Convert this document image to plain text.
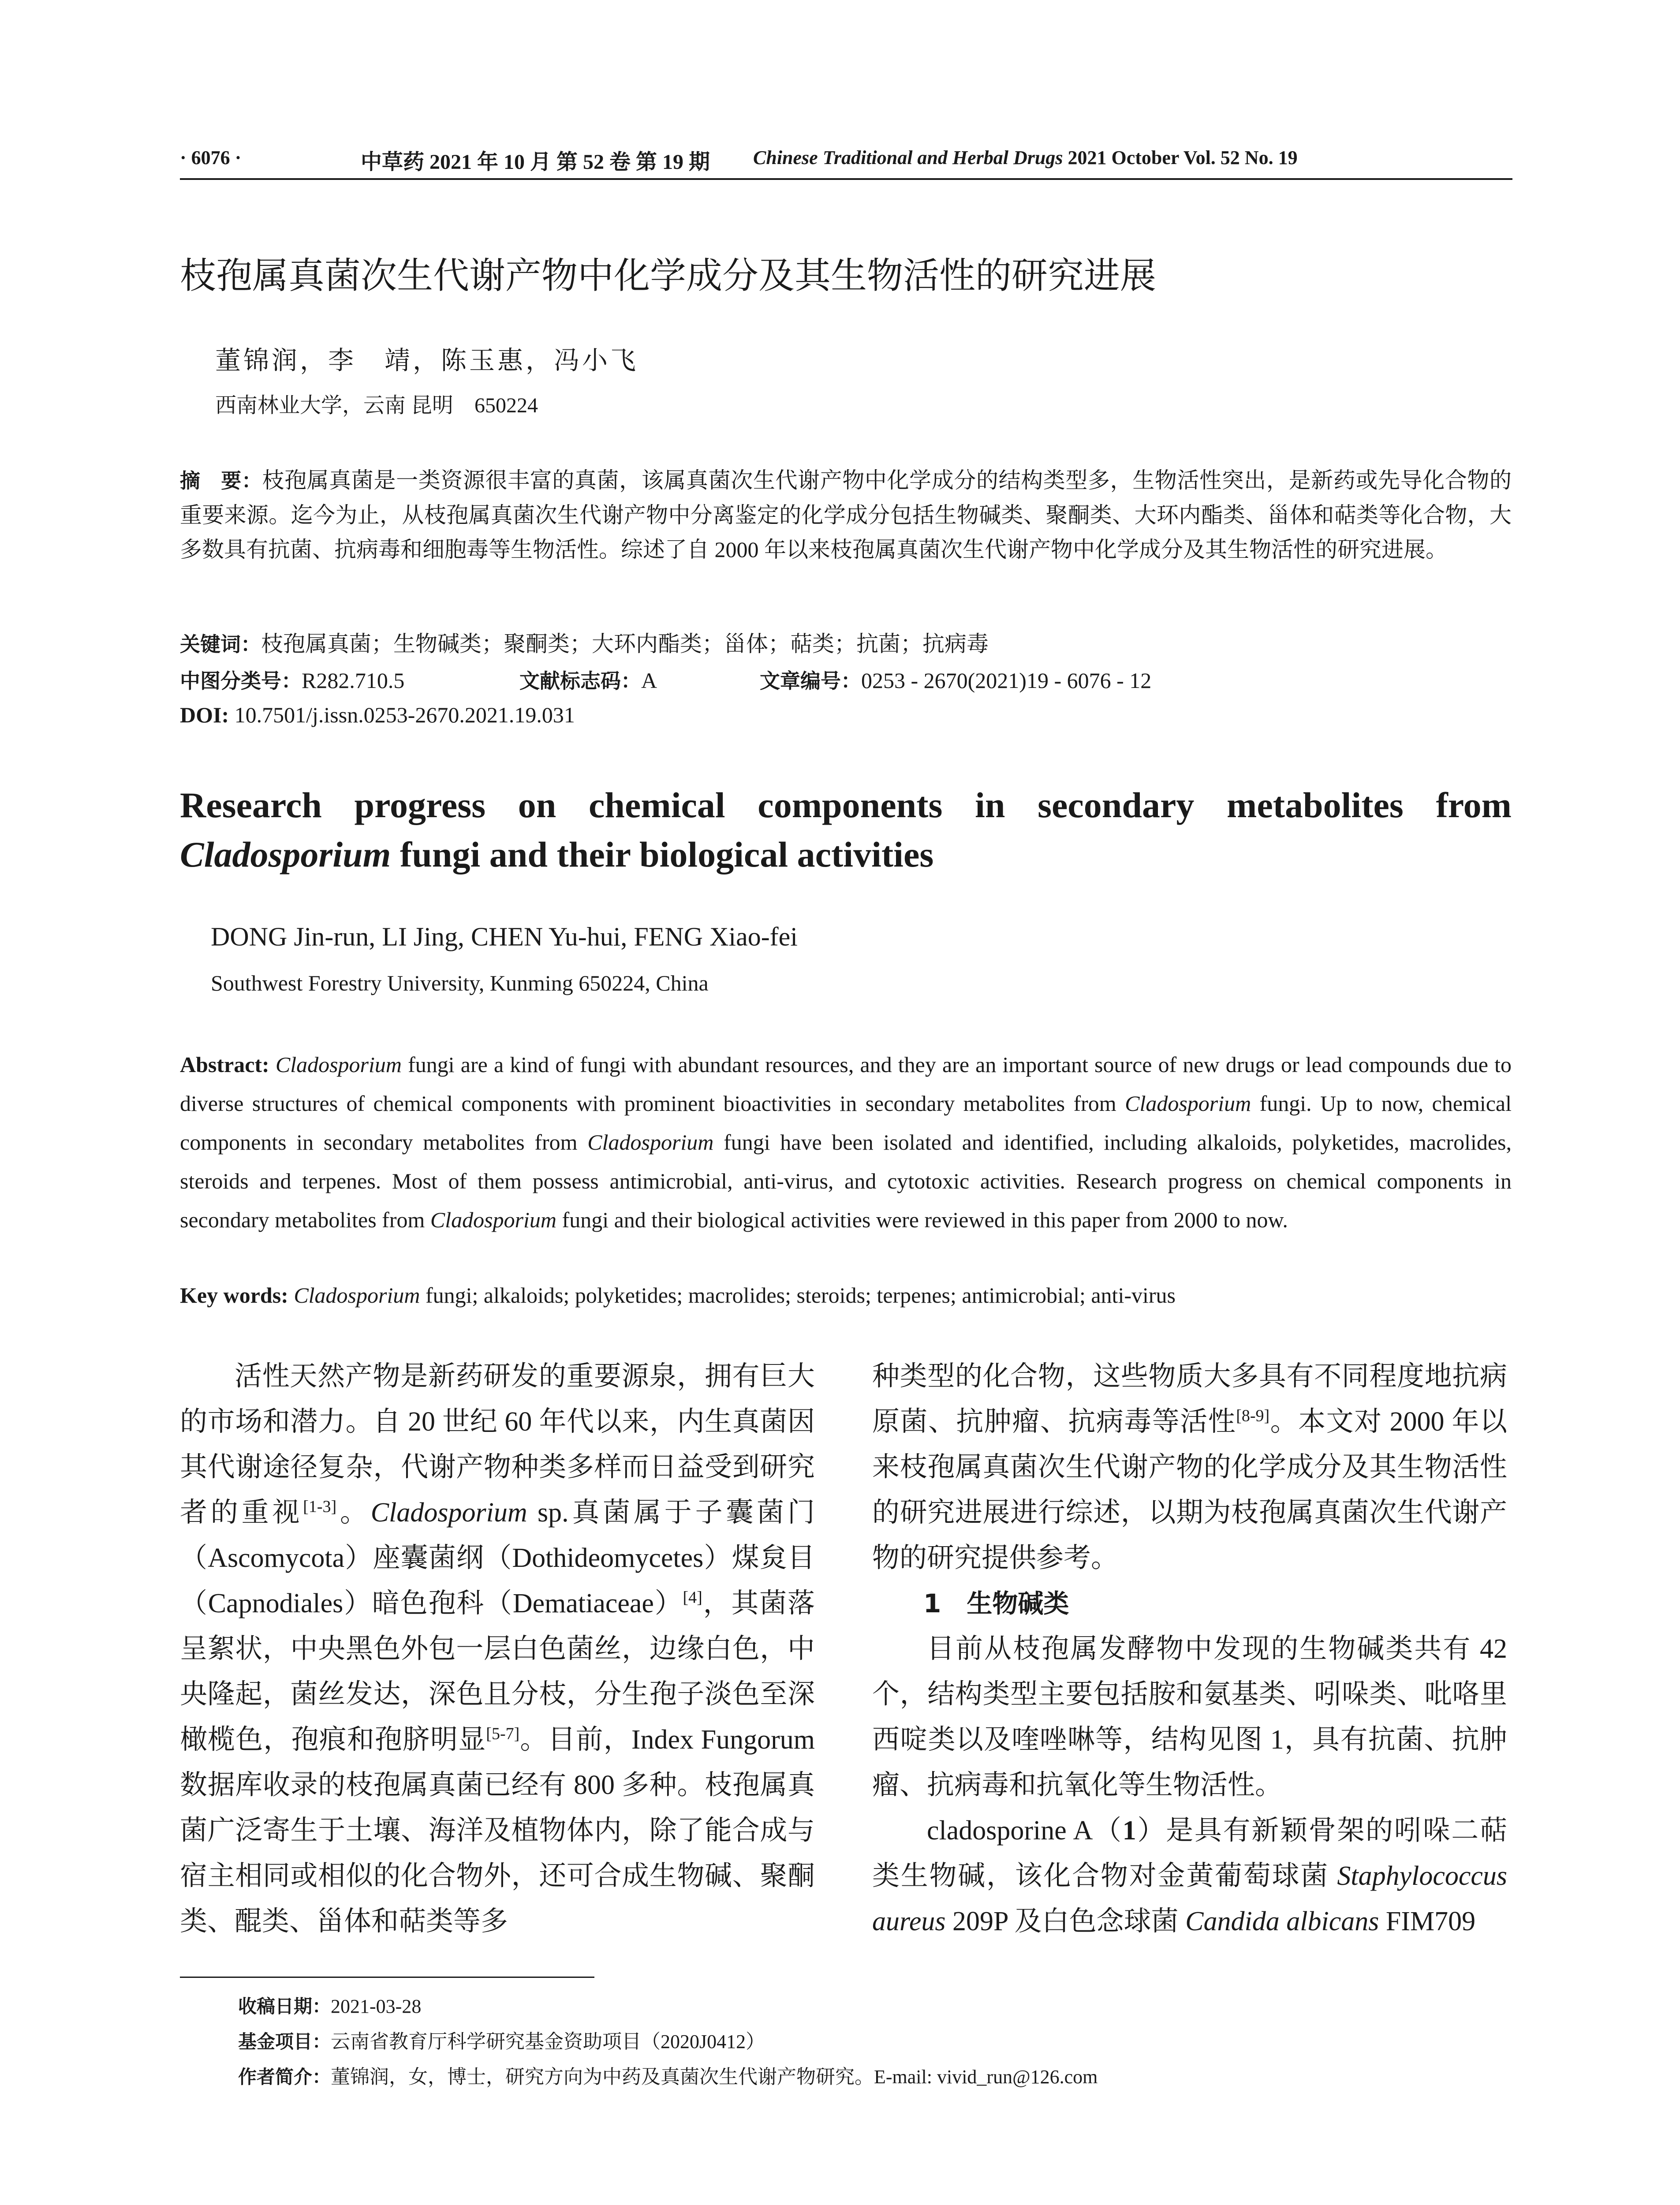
· 6076 ·	中草药 2021 年 10 月 第 52 卷 第 19 期 Chinese Traditional and Herbal Drugs 2021 October Vol. 52 No. 19
枝孢属真菌次生代谢产物中化学成分及其生物活性的研究进展
董锦润，李　靖，陈玉惠，冯小飞
西南林业大学，云南 昆明　650224
摘　要：枝孢属真菌是一类资源很丰富的真菌，该属真菌次生代谢产物中化学成分的结构类型多，生物活性突出，是新药或先导化合物的重要来源。迄今为止，从枝孢属真菌次生代谢产物中分离鉴定的化学成分包括生物碱类、聚酮类、大环内酯类、甾体和萜类等化合物，大多数具有抗菌、抗病毒和细胞毒等生物活性。综述了自 2000 年以来枝孢属真菌次生代谢产物中化学成分及其生物活性的研究进展。
关键词：枝孢属真菌；生物碱类；聚酮类；大环内酯类；甾体；萜类；抗菌；抗病毒
中图分类号：R282.710.5	文献标志码：A	文章编号：0253 - 2670(2021)19 - 6076 - 12
DOI: 10.7501/j.issn.0253-2670.2021.19.031
Research progress on chemical components in secondary metabolites from Cladosporium fungi and their biological activities
DONG Jin-run, LI Jing, CHEN Yu-hui, FENG Xiao-fei
Southwest Forestry University, Kunming 650224, China
Abstract: Cladosporium fungi are a kind of fungi with abundant resources, and they are an important source of new drugs or lead compounds due to diverse structures of chemical components with prominent bioactivities in secondary metabolites from Cladosporium fungi. Up to now, chemical components in secondary metabolites from Cladosporium fungi have been isolated and identified, including alkaloids, polyketides, macrolides, steroids and terpenes. Most of them possess antimicrobial, anti-virus, and cytotoxic activities. Research progress on chemical components in secondary metabolites from Cladosporium fungi and their biological activities were reviewed in this paper from 2000 to now.
Key words: Cladosporium fungi; alkaloids; polyketides; macrolides; steroids; terpenes; antimicrobial; anti-virus

活性天然产物是新药研发的重要源泉，拥有巨大的市场和潜力。自 20 世纪 60 年代以来，内生真菌因其代谢途径复杂，代谢产物种类多样而日益受到研究者的重视[1-3]。Cladosporium sp.真菌属于子囊菌门（Ascomycota）座囊菌纲（Dothideomycetes）煤炱目（Capnodiales）暗色孢科（Dematiaceae）[4]，其菌落呈絮状，中央黑色外包一层白色菌丝，边缘白色，中央隆起，菌丝发达，深色且分枝，分生孢子淡色至深橄榄色，孢痕和孢脐明显[5-7]。目前，Index Fungorum 数据库收录的枝孢属真菌已经有 800 多种。枝孢属真菌广泛寄生于土壤、海洋及植物体内，除了能合成与宿主相同或相似的化合物外，还可合成生物碱、聚酮类、醌类、甾体和萜类等多

种类型的化合物，这些物质大多具有不同程度地抗病原菌、抗肿瘤、抗病毒等活性[8-9]。本文对 2000 年以来枝孢属真菌次生代谢产物的化学成分及其生物活性的研究进展进行综述，以期为枝孢属真菌次生代谢产物的研究提供参考。

1　生物碱类

目前从枝孢属发酵物中发现的生物碱类共有 42 个，结构类型主要包括胺和氨基类、吲哚类、吡咯里西啶类以及喹唑啉等，结构见图 1，具有抗菌、抗肿瘤、抗病毒和抗氧化等生物活性。

cladosporine A（1）是具有新颖骨架的吲哚二萜类生物碱，该化合物对金黄葡萄球菌 Staphylococcus aureus 209P 及白色念球菌 Candida albicans FIM709

收稿日期：2021-03-28
基金项目：云南省教育厅科学研究基金资助项目（2020J0412）
作者简介：董锦润，女，博士，研究方向为中药及真菌次生代谢产物研究。E-mail: vivid_run@126.com
